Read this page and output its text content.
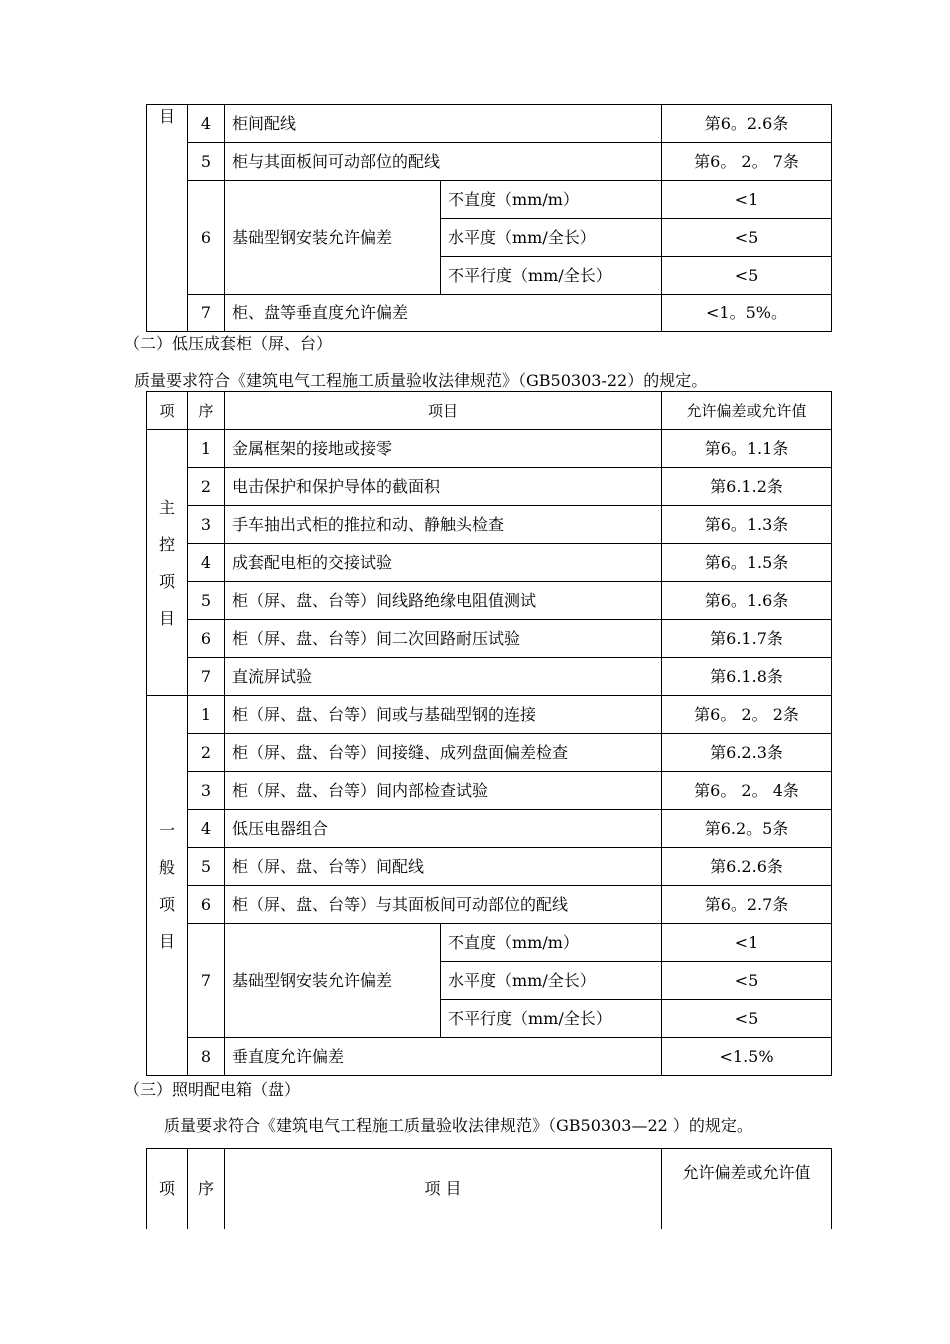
目	4	柜间配线		第6。2.6条
	5	柜与其面板间可动部位的配线		第6。 2。 7条
	6	基础型钢安装允许偏差	不直度（mm/m）	<1
			水平度（mm/全长）	<5
			不平行度（mm/全长）	<5
	7	柜、盘等垂直度允许偏差		<1。5%。
（二）低压成套柜（屏、台）
质量要求符合《建筑电气工程施工质量验收法律规范》（GB50303-22）的规定。
项	序	项目		允许偏差或允许值
主
控
项
目	1	金属框架的接地或接零		第6。1.1条
	2	电击保护和保护导体的截面积		第6.1.2条
	3	手车抽出式柜的推拉和动、静触头检查		第6。1.3条
	4	成套配电柜的交接试验		第6。1.5条
	5	柜（屏、盘、台等）间线路绝缘电阻值测试		第6。1.6条
	6	柜（屏、盘、台等）间二次回路耐压试验		第6.1.7条
	7	直流屏试验		第6.1.8条
一
般
项
目	1	柜（屏、盘、台等）间或与基础型钢的连接		第6。 2。 2条
	2	柜（屏、盘、台等）间接缝、成列盘面偏差检查		第6.2.3条
	3	柜（屏、盘、台等）间内部检查试验		第6。 2。 4条
	4	低压电器组合		第6.2。5条
	5	柜（屏、盘、台等）间配线		第6.2.6条
	6	柜（屏、盘、台等）与其面板间可动部位的配线		第6。2.7条
	7	基础型钢安装允许偏差	不直度（mm/m）	<1
			水平度（mm/全长）	<5
			不平行度（mm/全长）	<5
	8	垂直度允许偏差		<1.5%
（三）照明配电箱（盘）
质量要求符合《建筑电气工程施工质量验收法律规范》（GB50303—22 ）的规定。
项	序	项 目	允许偏差或允许值
